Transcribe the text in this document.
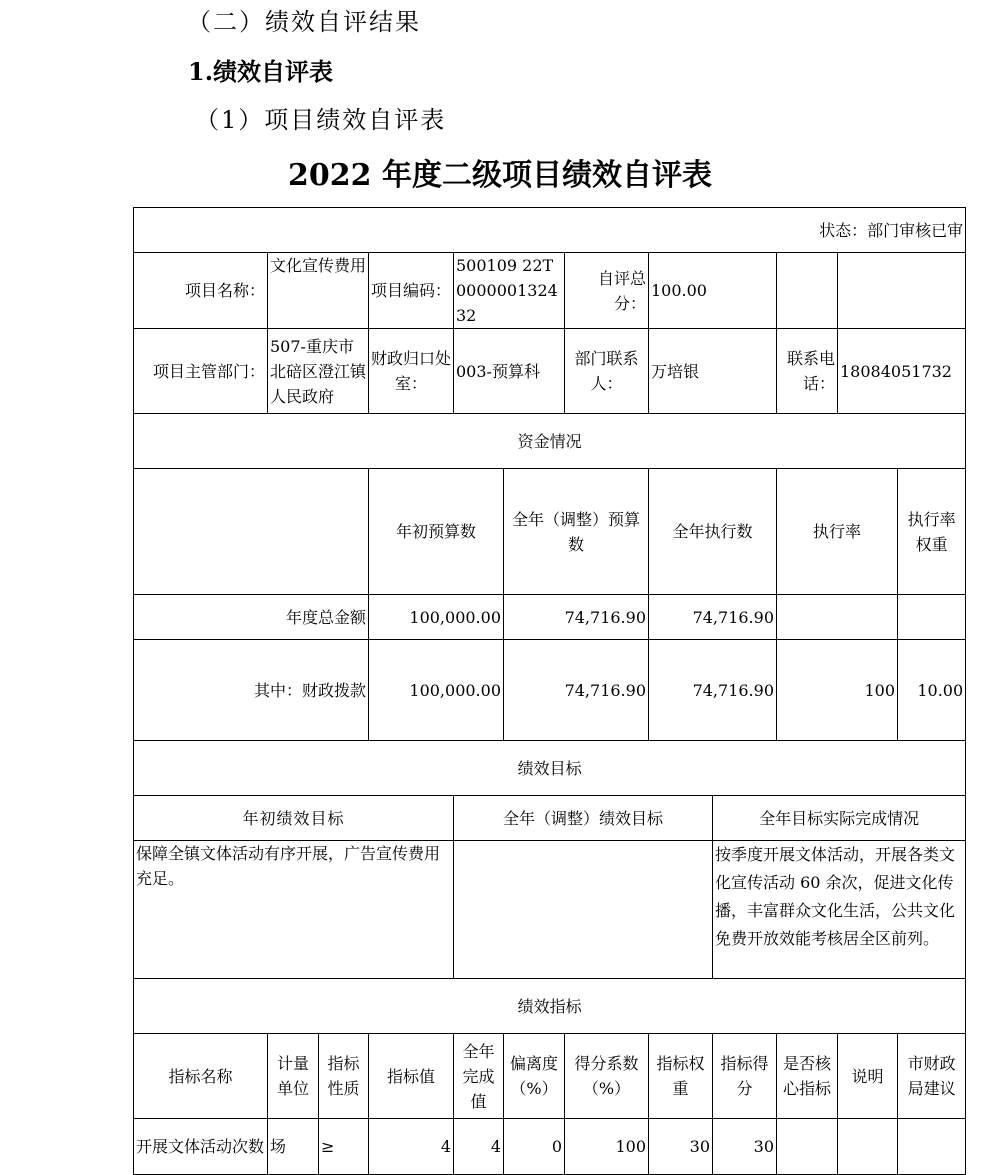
（二）绩效自评结果
1.绩效自评表
（1）项目绩效自评表
2022 年度二级项目绩效自评表
状态：部门审核已审												
项目名称：	文化宣传费用		项目编码：	500109 22T000000132432		自评总分：	100.00					
项目主管部门：	507-重庆市北碚区澄江镇人民政府		财政归口处室：	003-预算科		部门联系人：	万培银		联系电话：	18084051732		
资金情况												
			年初预算数		全年（调整）预算数		全年执行数		执行率		执行率权重	
年度总金额			100,000.00		74,716.90		74,716.90					
其中：财政拨款			100,000.00		74,716.90		74,716.90		100		10.00	
绩效目标												
年初绩效目标				全年（调整）绩效目标				全年目标实际完成情况				
保障全镇文体活动有序开展，广告宣传费用充足。								按季度开展文体活动，开展各类文化宣传活动 60 余次，促进文化传播，丰富群众文化生活，公共文化免费开放效能考核居全区前列。				
绩效指标												
指标名称	计量单位	指标性质	指标值	全年完成值	偏离度（%）	得分系数（%）	指标权重	指标得分	是否核心指标	说明	市财政局建议	
开展文体活动次数	场	≥	4	4	0	100	30	30				
